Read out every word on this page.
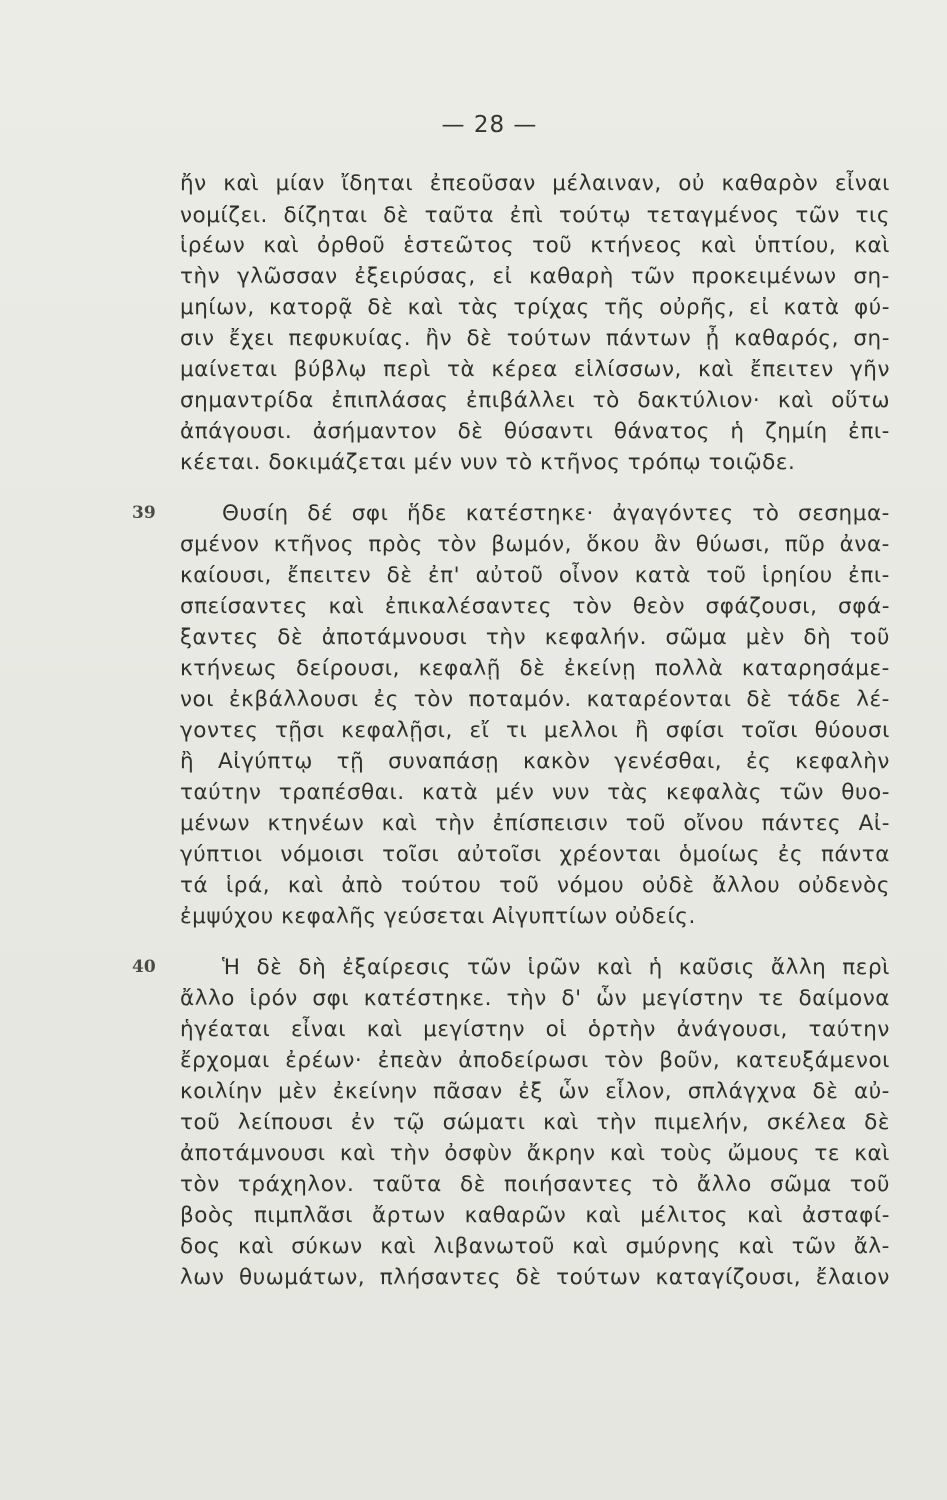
— 28 —
ἤν καὶ μίαν ἴδηται ἐπεοῦσαν μέλαιναν, οὐ καθαρὸν εἶναι
νομίζει. δίζηται δὲ ταῦτα ἐπὶ τούτῳ τεταγμένος τῶν τις
ἱρέων καὶ ὀρθοῦ ἑστεῶτος τοῦ κτήνεος καὶ ὑπτίου, καὶ
τὴν γλῶσσαν ἐξειρύσας, εἰ καθαρὴ τῶν προκειμένων ση-
μηίων, κατορᾷ δὲ καὶ τὰς τρίχας τῆς οὐρῆς, εἰ κατὰ φύ-
σιν ἔχει πεφυκυίας. ἢν δὲ τούτων πάντων ᾖ καθαρός, ση-
μαίνεται βύβλῳ περὶ τὰ κέρεα εἱλίσσων, καὶ ἔπειτεν γῆν
σημαντρίδα ἐπιπλάσας ἐπιβάλλει τὸ δακτύλιον· καὶ οὕτω
ἀπάγουσι. ἀσήμαντον δὲ θύσαντι θάνατος ἡ ζημίη ἐπι-
κέεται. δοκιμάζεται μέν νυν τὸ κτῆνος τρόπῳ τοιῷδε.
39	Θυσίη δέ σφι ἥδε κατέστηκε· ἀγαγόντες τὸ σεσημα-
σμένον κτῆνος πρὸς τὸν βωμόν, ὅκου ἂν θύωσι, πῦρ ἀνα-
καίουσι, ἔπειτεν δὲ ἐπ' αὐτοῦ οἶνον κατὰ τοῦ ἱρηίου ἐπι-
σπείσαντες καὶ ἐπικαλέσαντες τὸν θεὸν σφάζουσι, σφά-
ξαντες δὲ ἀποτάμνουσι τὴν κεφαλήν. σῶμα μὲν δὴ τοῦ
κτήνεως δείρουσι, κεφαλῇ δὲ ἐκείνῃ πολλὰ καταρησάμε-
νοι ἐκβάλλουσι ἐς τὸν ποταμόν. καταρέονται δὲ τάδε λέ-
γοντες τῇσι κεφαλῇσι, εἴ τι μελλοι ἢ σφίσι τοῖσι θύουσι
ἢ Αἰγύπτῳ τῇ συναπάσῃ κακὸν γενέσθαι, ἐς κεφαλὴν
ταύτην τραπέσθαι. κατὰ μέν νυν τὰς κεφαλὰς τῶν θυο-
μένων κτηνέων καὶ τὴν ἐπίσπεισιν τοῦ οἴνου πάντες Αἰ-
γύπτιοι νόμοισι τοῖσι αὐτοῖσι χρέονται ὁμοίως ἐς πάντα
τά ἱρά, καὶ ἀπὸ τούτου τοῦ νόμου οὐδὲ ἄλλου οὐδενὸς
ἐμψύχου κεφαλῆς γεύσεται Αἰγυπτίων οὐδείς.
40	Ἡ δὲ δὴ ἐξαίρεσις τῶν ἱρῶν καὶ ἡ καῦσις ἄλλη περὶ
ἄλλο ἱρόν σφι κατέστηκε. τὴν δ' ὧν μεγίστην τε δαίμονα
ἡγέαται εἶναι καὶ μεγίστην οἱ ὁρτὴν ἀνάγουσι, ταύτην
ἔρχομαι ἐρέων· ἐπεὰν ἀποδείρωσι τὸν βοῦν, κατευξάμενοι
κοιλίην μὲν ἐκείνην πᾶσαν ἐξ ὧν εἷλον, σπλάγχνα δὲ αὐ-
τοῦ λείπουσι ἐν τῷ σώματι καὶ τὴν πιμελήν, σκέλεα δὲ
ἀποτάμνουσι καὶ τὴν ὀσφὺν ἄκρην καὶ τοὺς ὤμους τε καὶ
τὸν τράχηλον. ταῦτα δὲ ποιήσαντες τὸ ἄλλο σῶμα τοῦ
βοὸς πιμπλᾶσι ἄρτων καθαρῶν καὶ μέλιτος καὶ ἀσταφί-
δος καὶ σύκων καὶ λιβανωτοῦ καὶ σμύρνης καὶ τῶν ἄλ-
λων θυωμάτων, πλήσαντες δὲ τούτων καταγίζουσι, ἔλαιον
